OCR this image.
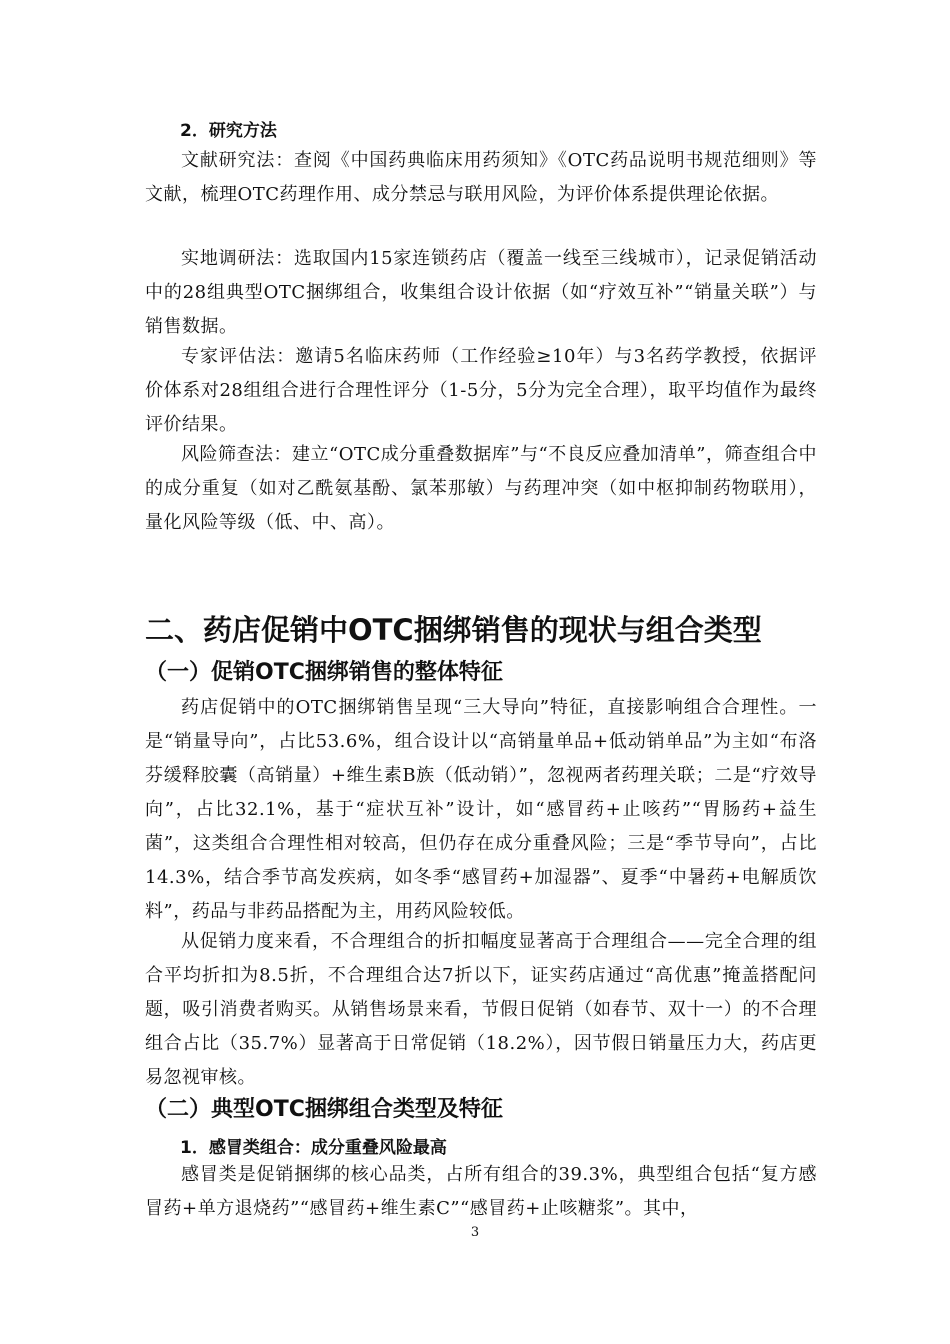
2．研究方法

文献研究法：查阅《中国药典临床用药须知》《OTC药品说明书规范细则》等文献，梳理OTC药理作用、成分禁忌与联用风险，为评价体系提供理论依据。

实地调研法：选取国内15家连锁药店（覆盖一线至三线城市），记录促销活动中的28组典型OTC捆绑组合，收集组合设计依据（如“疗效互补”“销量关联”）与销售数据。

专家评估法：邀请5名临床药师（工作经验≥10年）与3名药学教授，依据评价体系对28组组合进行合理性评分（1-5分，5分为完全合理），取平均值作为最终评价结果。

风险筛查法：建立“OTC成分重叠数据库”与“不良反应叠加清单”，筛查组合中的成分重复（如对乙酰氨基酚、氯苯那敏）与药理冲突（如中枢抑制药物联用），量化风险等级（低、中、高）。

二、药店促销中OTC捆绑销售的现状与组合类型
（一）促销OTC捆绑销售的整体特征

药店促销中的OTC捆绑销售呈现“三大导向”特征，直接影响组合合理性。一是“销量导向”，占比53.6%，组合设计以“高销量单品+低动销单品”为主如“布洛芬缓释胶囊（高销量）+维生素B族（低动销）”，忽视两者药理关联；二是“疗效导向”，占比32.1%，基于“症状互补”设计，如“感冒药+止咳药”“胃肠药+益生菌”，这类组合合理性相对较高，但仍存在成分重叠风险；三是“季节导向”，占比14.3%，结合季节高发疾病，如冬季“感冒药+加湿器”、夏季“中暑药+电解质饮料”，药品与非药品搭配为主，用药风险较低。

从促销力度来看，不合理组合的折扣幅度显著高于合理组合——完全合理的组合平均折扣为8.5折，不合理组合达7折以下，证实药店通过“高优惠”掩盖搭配问题，吸引消费者购买。从销售场景来看，节假日促销（如春节、双十一）的不合理组合占比（35.7%）显著高于日常促销（18.2%），因节假日销量压力大，药店更易忽视审核。

（二）典型OTC捆绑组合类型及特征
1．感冒类组合：成分重叠风险最高

感冒类是促销捆绑的核心品类，占所有组合的39.3%，典型组合包括“复方感冒药+单方退烧药”“感冒药+维生素C”“感冒药+止咳糖浆”。其中，

3
